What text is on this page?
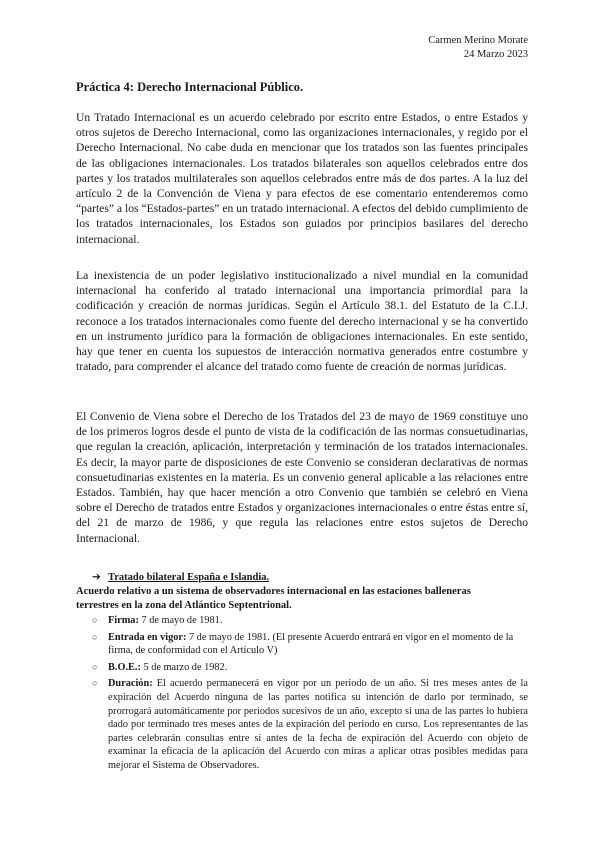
Carmen Merino Morate
24 Marzo 2023
Práctica 4: Derecho Internacional Público.

Un Tratado Internacional es un acuerdo celebrado por escrito entre Estados, o entre Estados y otros sujetos de Derecho Internacional, como las organizaciones internacionales, y regido por el Derecho Internacional. No cabe duda en mencionar que los tratados son las fuentes principales de las obligaciones internacionales. Los tratados bilaterales son aquellos celebrados entre dos partes y los tratados multilaterales son aquellos celebrados entre más de dos partes. A la luz del artículo 2 de la Convención de Viena y para efectos de ese comentario entenderemos como “partes” a los “Estados-partes” en un tratado internacional. A efectos del debido cumplimiento de los tratados internacionales, los Estados son guiados por principios basilares del derecho internacional.

La inexistencia de un poder legislativo institucionalizado a nivel mundial en la comunidad internacional ha conferido al tratado internacional una importancia primordial para la codificación y creación de normas jurídicas. Según el Artículo 38.1. del Estatuto de la C.I.J. reconoce a los tratados internacionales como fuente del derecho internacional y se ha convertido en un instrumento jurídico para la formación de obligaciones internacionales. En este sentido, hay que tener en cuenta los supuestos de interacción normativa generados entre costumbre y tratado, para comprender el alcance del tratado como fuente de creación de normas jurídicas.

El Convenio de Viena sobre el Derecho de los Tratados del 23 de mayo de 1969 constituye uno de los primeros logros desde el punto de vista de la codificación de las normas consuetudinarias, que regulan la creación, aplicación, interpretación y terminación de los tratados internacionales. Es decir, la mayor parte de disposiciones de este Convenio se consideran declarativas de normas consuetudinarias existentes en la materia. Es un convenio general aplicable a las relaciones entre Estados. También, hay que hacer mención a otro Convenio que también se celebró en Viena sobre el Derecho de tratados entre Estados y organizaciones internacionales o entre éstas entre sí, del 21 de marzo de 1986, y que regula las relaciones entre estos sujetos de Derecho Internacional.

➔ Tratado bilateral España e Islandia.
Acuerdo relativo a un sistema de observadores internacional en las estaciones balleneras terrestres en la zona del Atlántico Septentrional.
○ Firma: 7 de mayo de 1981.
○ Entrada en vigor: 7 de mayo de 1981. (El presente Acuerdo entrará en vigor en el momento de la firma, de conformidad con el Artículo V)
○ B.O.E.: 5 de marzo de 1982.
○ Duración: El acuerdo permanecerá en vigor por un periodo de un año. Si tres meses antes de la expiración del Acuerdo ninguna de las partes notifica su intención de darlo por terminado, se prorrogará automáticamente por periodos sucesivos de un año, excepto si una de las partes lo hubiera dado por terminado tres meses antes de la expiración del periodo en curso. Los representantes de las partes celebrarán consultas entre sí antes de la fecha de expiración del Acuerdo con objeto de examinar la eficacia de la aplicación del Acuerdo con miras a aplicar otras posibles medidas para mejorar el Sistema de Observadores.
